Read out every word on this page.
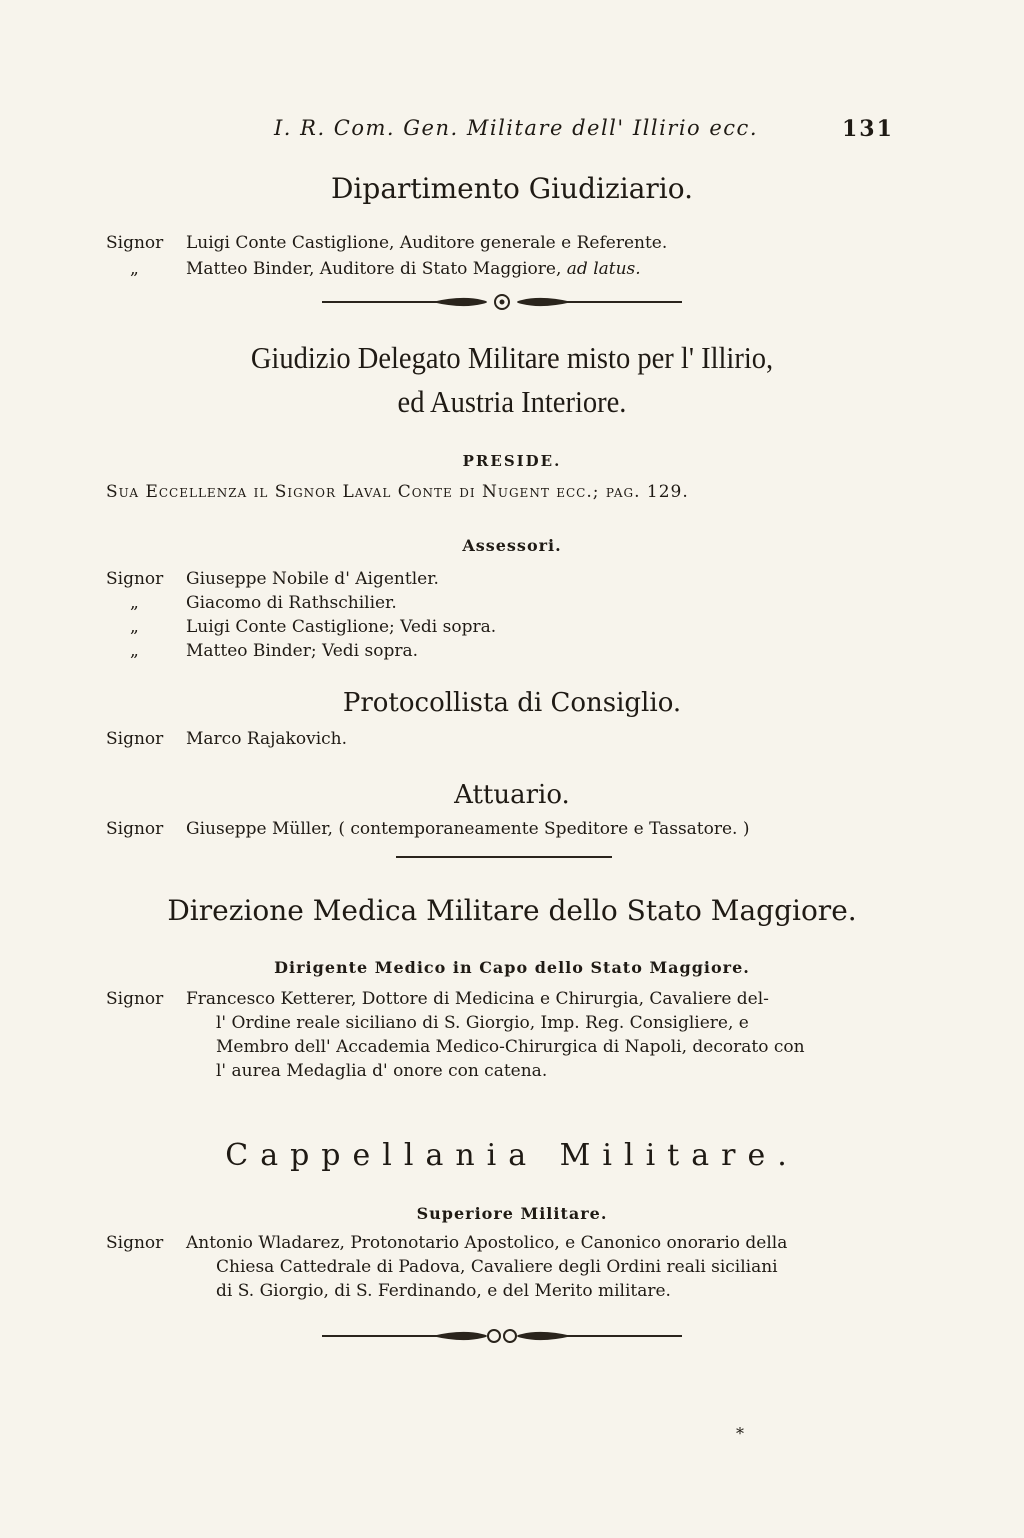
I. R. Com. Gen. Militare dell' Illirio ecc.	131
Dipartimento Giudiziario.
Signor Luigi Conte Castiglione, Auditore generale e Referente.
„	Matteo Binder, Auditore di Stato Maggiore, ad latus.
Giudizio Delegato Militare misto per l' Illirio,
ed Austria Interiore.
PRESIDE.
Sua Eccellenza il Signor Laval Conte di Nugent ecc.; pag. 129.
Assessori.
Signor Giuseppe Nobile d' Aigentler.
„	Giacomo di Rathschilier.
„	Luigi Conte Castiglione; Vedi sopra.
„	Matteo Binder; Vedi sopra.
Protocollista di Consiglio.
Signor Marco Rajakovich.
Attuario.
Signor Giuseppe Müller, ( contemporaneamente Speditore e Tassatore. )
Direzione Medica Militare dello Stato Maggiore.
Dirigente Medico in Capo dello Stato Maggiore.
Signor Francesco Ketterer, Dottore di Medicina e Chirurgia, Cavaliere del-
l' Ordine reale siciliano di S. Giorgio, Imp. Reg. Consigliere, e
Membro dell' Accademia Medico-Chirurgica di Napoli, decorato con
l' aurea Medaglia d' onore con catena.
Cappellania Militare.
Superiore Militare.
Signor Antonio Wladarez, Protonotario Apostolico, e Canonico onorario della
Chiesa Cattedrale di Padova, Cavaliere degli Ordini reali siciliani
di S. Giorgio, di S. Ferdinando, e del Merito militare.
*
